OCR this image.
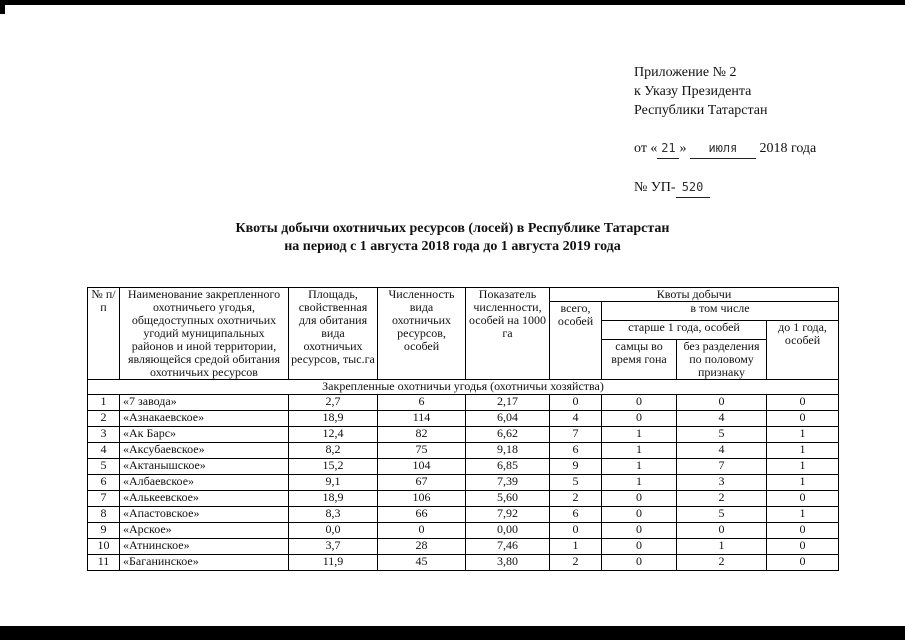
Приложение № 2
к Указу Президента
Республики Татарстан
от « 21 » июля 2018 года
№ УП- 520
Квоты добычи охотничьих ресурсов (лосей) в Республике Татарстан
на период с 1 августа 2018 года до 1 августа 2019 года
№ п/п	Наименование закрепленного охотничьего угодья, общедоступных охотничьих угодий муниципальных районов и иной территории, являющейся средой обитания охотничьих ресурсов	Площадь, свойственная для обитания вида охотничьих ресурсов, тыс.га	Численность вида охотничьих ресурсов, особей	Показатель численности, особей на 1000 га	Квоты добычи			
					всего, особей	в том числе		
						старше 1 года, особей		до 1 года, особей
						самцы во время гона	без разделения по половому признаку	
Закрепленные охотничьи угодья (охотничьи хозяйства)								
1	«7 завода»	2,7	6	2,17	0	0	0	0
2	«Азнакаевское»	18,9	114	6,04	4	0	4	0
3	«Ак Барс»	12,4	82	6,62	7	1	5	1
4	«Аксубаевское»	8,2	75	9,18	6	1	4	1
5	«Актанышское»	15,2	104	6,85	9	1	7	1
6	«Албаевское»	9,1	67	7,39	5	1	3	1
7	«Алькеевское»	18,9	106	5,60	2	0	2	0
8	«Апастовское»	8,3	66	7,92	6	0	5	1
9	«Арское»	0,0	0	0,00	0	0	0	0
10	«Атнинское»	3,7	28	7,46	1	0	1	0
11	«Баганинское»	11,9	45	3,80	2	0	2	0
